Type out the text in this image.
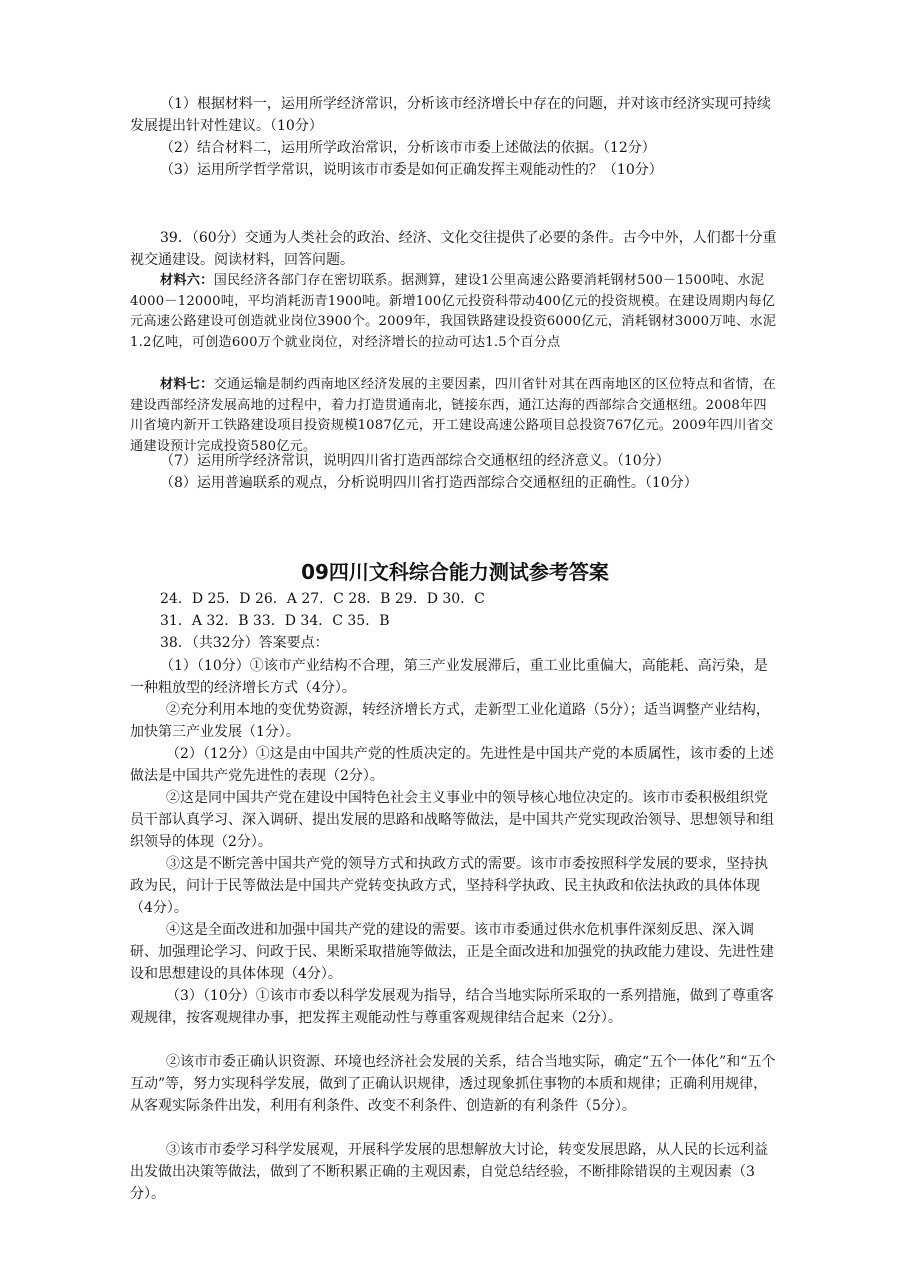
（1）根据材料一，运用所学经济常识，分析该市经济增长中存在的问题，并对该市经济实现可持续发展提出针对性建议。（10分）

（2）结合材料二，运用所学政治常识，分析该市市委上述做法的依据。（12分）

（3）运用所学哲学常识，说明该市市委是如何正确发挥主观能动性的？（10分）

39．（60分）交通为人类社会的政治、经济、文化交往提供了必要的条件。古今中外，人们都十分重视交通建设。阅读材料，回答问题。

材料六：国民经济各部门存在密切联系。据测算，建设1公里高速公路要消耗钢材500－1500吨、水泥4000－12000吨，平均消耗沥青1900吨。新增100亿元投资科带动400亿元的投资规模。在建设周期内每亿元高速公路建设可创造就业岗位3900个。2009年，我国铁路建设投资6000亿元，消耗钢材3000万吨、水泥1.2亿吨，可创造600万个就业岗位，对经济增长的拉动可达1.5个百分点

材料七：交通运输是制约西南地区经济发展的主要因素，四川省针对其在西南地区的区位特点和省情，在建设西部经济发展高地的过程中，着力打造贯通南北，链接东西，通江达海的西部综合交通枢纽。2008年四川省境内新开工铁路建设项目投资规模1087亿元，开工建设高速公路项目总投资767亿元。2009年四川省交通建设预计完成投资580亿元。

（7）运用所学经济常识，说明四川省打造西部综合交通枢纽的经济意义。（10分）

（8）运用普遍联系的观点，分析说明四川省打造西部综合交通枢纽的正确性。（10分）

09四川文科综合能力测试参考答案

24．D 25．D 26．A 27．C 28．B 29．D 30．C

31．A 32．B 33．D 34．C 35．B

38．（共32分）答案要点：

（1）（10分）①该市产业结构不合理，第三产业发展滞后，重工业比重偏大，高能耗、高污染，是一种粗放型的经济增长方式（4分）。

②充分利用本地的变优势资源，转经济增长方式，走新型工业化道路（5分）；适当调整产业结构，加快第三产业发展（1分）。

（2）（12分）①这是由中国共产党的性质决定的。先进性是中国共产党的本质属性，该市委的上述做法是中国共产党先进性的表现（2分）。

②这是同中国共产党在建设中国特色社会主义事业中的领导核心地位决定的。该市市委积极组织党员干部认真学习、深入调研、提出发展的思路和战略等做法，是中国共产党实现政治领导、思想领导和组织领导的体现（2分）。

③这是不断完善中国共产党的领导方式和执政方式的需要。该市市委按照科学发展的要求，坚持执政为民，问计于民等做法是中国共产党转变执政方式，坚持科学执政、民主执政和依法执政的具体体现（4分）。

④这是全面改进和加强中国共产党的建设的需要。该市市委通过供水危机事件深刻反思、深入调研、加强理论学习、问政于民、果断采取措施等做法，正是全面改进和加强党的执政能力建设、先进性建设和思想建设的具体体现（4分）。

（3）（10分）①该市市委以科学发展观为指导，结合当地实际所采取的一系列措施，做到了尊重客观规律，按客观规律办事，把发挥主观能动性与尊重客观规律结合起来（2分）。

②该市市委正确认识资源、环境也经济社会发展的关系，结合当地实际，确定“五个一体化”和“五个互动”等，努力实现科学发展，做到了正确认识规律，透过现象抓住事物的本质和规律；正确利用规律，从客观实际条件出发，利用有利条件、改变不利条件、创造新的有利条件（5分）。

③该市市委学习科学发展观，开展科学发展的思想解放大讨论，转变发展思路，从人民的长远利益出发做出决策等做法，做到了不断积累正确的主观因素，自觉总结经验，不断排除错误的主观因素（3分）。
